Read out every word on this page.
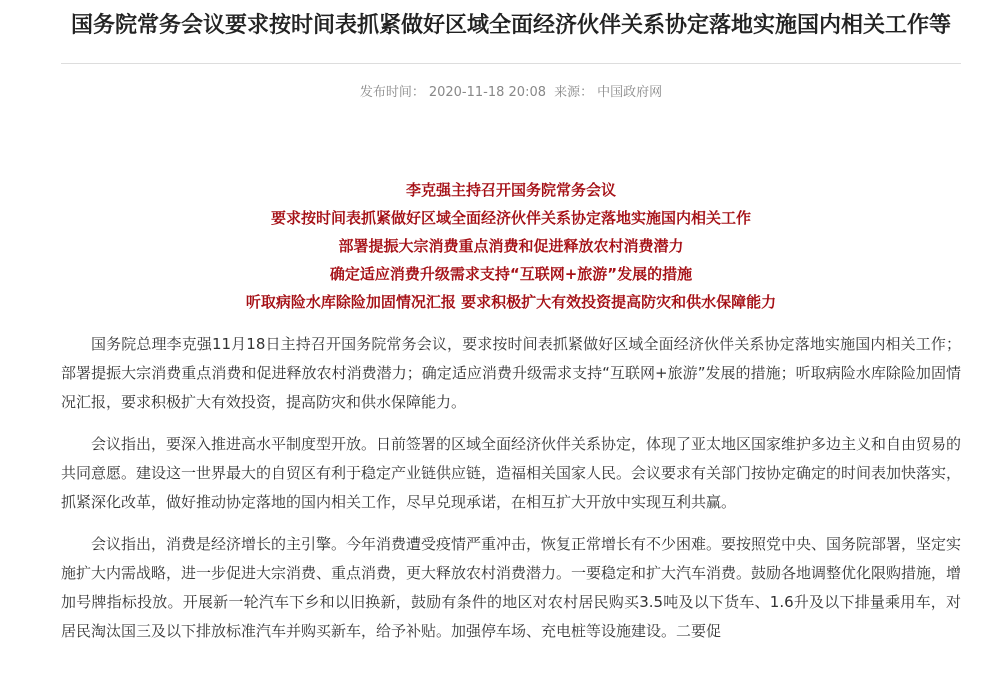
国务院常务会议要求按时间表抓紧做好区域全面经济伙伴关系协定落地实施国内相关工作等
发布时间： 2020-11-18 20:08 来源： 中国政府网
李克强主持召开国务院常务会议
要求按时间表抓紧做好区域全面经济伙伴关系协定落地实施国内相关工作
部署提振大宗消费重点消费和促进释放农村消费潜力
确定适应消费升级需求支持“互联网+旅游”发展的措施
听取病险水库除险加固情况汇报 要求积极扩大有效投资提高防灾和供水保障能力

国务院总理李克强11月18日主持召开国务院常务会议，要求按时间表抓紧做好区域全面经济伙伴关系协定落地实施国内相关工作；部署提振大宗消费重点消费和促进释放农村消费潜力；确定适应消费升级需求支持“互联网+旅游”发展的措施；听取病险水库除险加固情况汇报，要求积极扩大有效投资，提高防灾和供水保障能力。

会议指出，要深入推进高水平制度型开放。日前签署的区域全面经济伙伴关系协定，体现了亚太地区国家维护多边主义和自由贸易的共同意愿。建设这一世界最大的自贸区有利于稳定产业链供应链，造福相关国家人民。会议要求有关部门按协定确定的时间表加快落实，抓紧深化改革，做好推动协定落地的国内相关工作，尽早兑现承诺，在相互扩大开放中实现互利共赢。

会议指出，消费是经济增长的主引擎。今年消费遭受疫情严重冲击，恢复正常增长有不少困难。要按照党中央、国务院部署，坚定实施扩大内需战略，进一步促进大宗消费、重点消费，更大释放农村消费潜力。一要稳定和扩大汽车消费。鼓励各地调整优化限购措施，增加号牌指标投放。开展新一轮汽车下乡和以旧换新，鼓励有条件的地区对农村居民购买3.5吨及以下货车、1.6升及以下排量乘用车，对居民淘汰国三及以下排放标准汽车并购买新车，给予补贴。加强停车场、充电桩等设施建设。二要促
